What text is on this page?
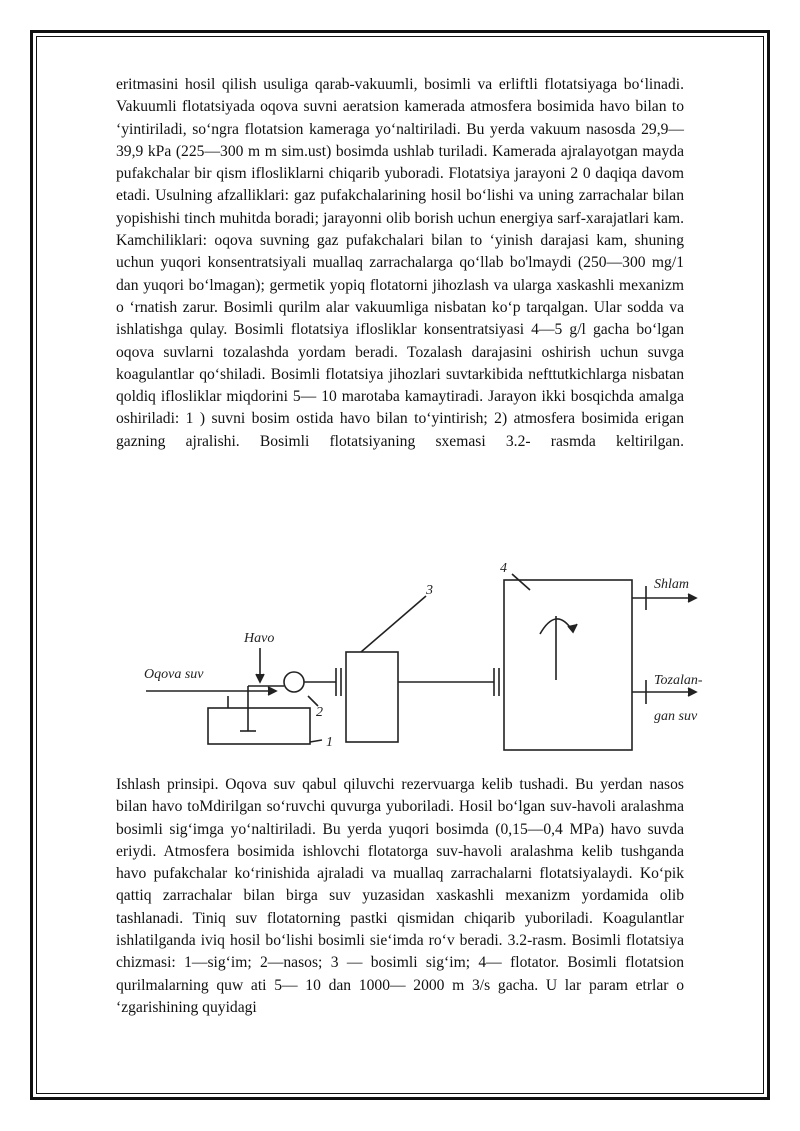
eritmasini hosil qilish usuliga qarab-vakuumli, bosimli va erliftli flotatsiyaga bo‘linadi. Vakuumli flotatsiyada oqova suvni aeratsion kamerada atmosfera bosimida havo bilan to ‘yintiriladi, so‘ngra flotatsion kameraga yo‘naltiriladi. Bu yerda vakuum nasosda 29,9—39,9 kPa (225—300 m m sim.ust) bosimda ushlab turiladi. Kamerada ajralayotgan mayda pufakchalar bir qism iflosliklarni chiqarib yuboradi. Flotatsiya jarayoni 2 0 daqiqa davom etadi. Usulning afzalliklari: gaz pufakchalarining hosil bo‘lishi va uning zarrachalar bilan yopishishi tinch muhitda boradi; jarayonni olib borish uchun energiya sarf-xarajatlari kam. Kamchiliklari: oqova suvning gaz pufakchalari bilan to ‘yinish darajasi kam, shuning uchun yuqori konsentratsiyali muallaq zarrachalarga qo‘llab bo'lmaydi (250—300 mg/1 dan yuqori bo‘lmagan); germetik yopiq flotatorni jihozlash va ularga xaskashli mexanizm o ‘rnatish zarur. Bosimli qurilm alar vakuumliga nisbatan ko‘p tarqalgan. Ular sodda va ishlatishga qulay. Bosimli flotatsiya iflosliklar konsentratsiyasi 4—5 g/l gacha bo‘lgan oqova suvlarni tozalashda yordam beradi. Tozalash darajasini oshirish uchun suvga koagulantlar qo‘shiladi. Bosimli flotatsiya jihozlari suvtarkibida nefttutkichlarga nisbatan qoldiq iflosliklar miqdorini 5— 10 marotaba kamaytiradi. Jarayon ikki bosqichda amalga oshiriladi: 1 ) suvni bosim ostida havo bilan to‘yintirish; 2) atmosfera bosimida erigan gazning ajralishi. Bosimli flotatsiyaning sxemasi 3.2- rasmda keltirilgan.

Oqova suv
Havo
Shlam
Tozalan-
gan suv
1
2
3
4

Ishlash prinsipi. Oqova suv qabul qiluvchi rezervuarga kelib tushadi. Bu yerdan nasos bilan havo toMdirilgan so‘ruvchi quvurga yuboriladi. Hosil bo‘lgan suv-havoli aralashma bosimli sig‘imga yo‘naltiriladi. Bu yerda yuqori bosimda (0,15—0,4 MPa) havo suvda eriydi. Atmosfera bosimida ishlovchi flotatorga suv-havoli aralashma kelib tushganda havo pufakchalar ko‘rinishida ajraladi va muallaq zarrachalarni flotatsiyalaydi. Ko‘pik qattiq zarrachalar bilan birga suv yuzasidan xaskashli mexanizm yordamida olib tashlanadi. Tiniq suv flotatorning pastki qismidan chiqarib yuboriladi. Koagulantlar ishlatilganda iviq hosil bo‘lishi bosimli sie‘imda ro‘v beradi. 3.2-rasm. Bosimli flotatsiya chizmasi: 1—sig‘im; 2—nasos; 3 — bosimli sig‘im; 4— flotator. Bosimli flotatsion qurilmalarning quw ati 5— 10 dan 1000— 2000 m 3/s gacha. U lar param etrlar o ‘zgarishining quyidagi
